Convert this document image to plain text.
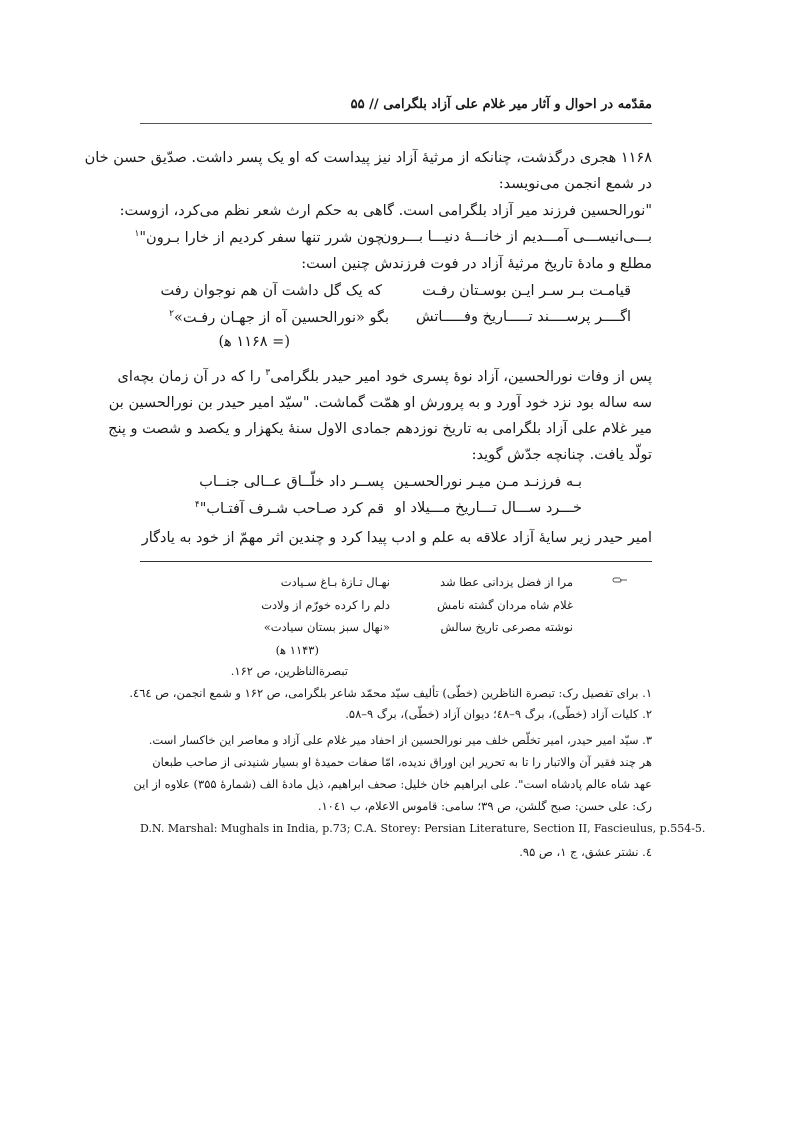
مقدّمه در احوال و آثار میر غلام علی آزاد بلگرامی // ۵۵
۱۱۶۸ هجری درگذشت، چنانکه از مرثیهٔ آزاد نیز پیداست که او یک پسر داشت. صدّیق حسن خان
در شمع انجمن می‌نویسد:
"نورالحسین فرزند میر آزاد بلگرامی است. گاهی به حکم ارث شعر نظم می‌کرد، ازوست:
بـــی‌انیســـی آمـــدیم از خانـــهٔ دنیـــا بـــرون
چون شرر تنها سفر کردیم از خارا بـرون"$^۱$
مطلع و مادهٔ تاریخ مرثیهٔ آزاد در فوت فرزندش چنین است:
قیامـت بـر سـر ایـن بوسـتان رفـت
که یک گل داشت آن هم نوجوان رفت
اگــــر پرســــند تـــــاریخ وفـــــاتش
بگو «نورالحسین آه از جهـان رفـت»$^۲$
(= ۱۱۶۸ ﻫ)
پس از وفات نورالحسین، آزاد نوهٔ پسری خود امیر حیدر بلگرامی$^۳$ را که در آن زمان بچه‌ای
سه ساله بود نزد خود آورد و به پرورش او همّت گماشت. "سیّد امیر حیدر بن نورالحسین بن
میر غلام علی آزاد بلگرامی به تاریخ نوزدهم جمادی الاول سنهٔ یکهزار و یکصد و شصت و پنج
تولّد یافت. چنانچه جدّش گوید:
بـه فرزنـد مـن میـر نورالحسـین
پســر داد خلّــاق عــالی جنــاب
خـــرد ســـال تـــاریخ مـــیلاد او
قم کرد صـاحب شـرف آفتـاب"$^۴$
امیر حیدر زیر سایهٔ آزاد علاقه به علم و ادب پیدا کرد و چندین اثر مهمّ از خود به یادگار
مرا از فضل یزدانی عطا شد
نهـال تـازهٔ بـاغ سـیادت
غلام شاه مردان گشته نامش
دلم را کرده خورّم از ولادت
نوشته مصرعی تاریخ سالش
«نهال سبز بستان سیادت»
(۱۱۴۳ ﻫ)
تبصرةالناظرین، ص ۱۶۲.
۱. برای تفصیل رک: تبصرة الناظرین (خطّی) تألیف سیّد محمّد شاعر بلگرامی، ص ۱۶۲ و شمع انجمن، ص ٤٦٤.
۲. کلیات آزاد (خطّی)، برگ ۹–٤۸؛ دیوان آزاد (خطّی)، برگ ۹–۵۸.
۳. سیّد امیر حیدر، امیر تخلّص خلف میر نورالحسین از احفاد میر غلام علی آزاد و معاصر این خاکسار است.
هر چند فقیر آن والاتبار را تا به تحریر این اوراق ندیده، امّا صفات حمیدهٔ او بسیار شنیدنی از صاحب طبعان
عهد شاه عالم پادشاه است". علی ابراهیم خان خلیل: صحف ابراهیم، ذیل مادهٔ الف (شمارهٔ ۳۵۵) علاوه از این
رک: علی حسن: صبح گلشن، ص ۳۹؛ سامی: قاموس الاعلام، ب ۱۰٤۱.
D.N. Marshal: Mughals in India, p.73; C.A. Storey: Persian Literature, Section II, Fascieulus, p.554-5.
٤. نشتر عشق، ج ۱، ص ۹۵.
